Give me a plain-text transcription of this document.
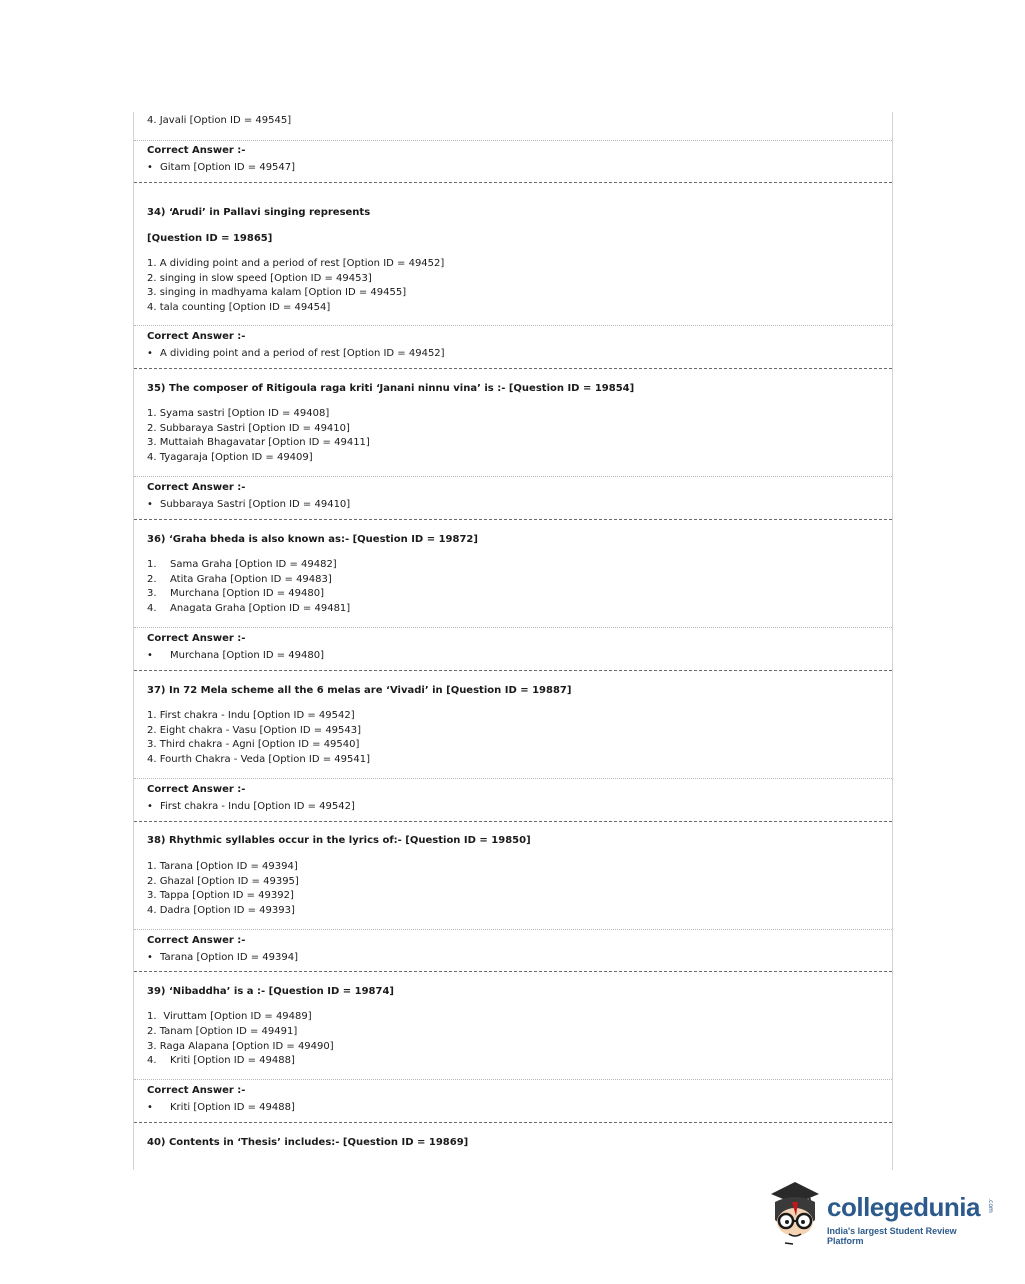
4. Javali [Option ID = 49545]
Correct Answer :-
• Gitam [Option ID = 49547]
34) ‘Arudi’ in Pallavi singing represents
[Question ID = 19865]
1. A dividing point and a period of rest [Option ID = 49452]
2. singing in slow speed [Option ID = 49453]
3. singing in madhyama kalam [Option ID = 49455]
4. tala counting [Option ID = 49454]
Correct Answer :-
• A dividing point and a period of rest [Option ID = 49452]
35) The composer of Ritigoula raga kriti ‘Janani ninnu vina’ is :- [Question ID = 19854]
1. Syama sastri [Option ID = 49408]
2. Subbaraya Sastri [Option ID = 49410]
3. Muttaiah Bhagavatar [Option ID = 49411]
4. Tyagaraja [Option ID = 49409]
Correct Answer :-
• Subbaraya Sastri [Option ID = 49410]
36) ‘Graha bheda is also known as:- [Question ID = 19872]
1. Sama Graha [Option ID = 49482]
2. Atita Graha [Option ID = 49483]
3. Murchana [Option ID = 49480]
4. Anagata Graha [Option ID = 49481]
Correct Answer :-
• Murchana [Option ID = 49480]
37) In 72 Mela scheme all the 6 melas are ‘Vivadi’ in [Question ID = 19887]
1. First chakra - Indu [Option ID = 49542]
2. Eight chakra - Vasu [Option ID = 49543]
3. Third chakra - Agni [Option ID = 49540]
4. Fourth Chakra - Veda [Option ID = 49541]
Correct Answer :-
• First chakra - Indu [Option ID = 49542]
38) Rhythmic syllables occur in the lyrics of:- [Question ID = 19850]
1. Tarana [Option ID = 49394]
2. Ghazal [Option ID = 49395]
3. Tappa [Option ID = 49392]
4. Dadra [Option ID = 49393]
Correct Answer :-
• Tarana [Option ID = 49394]
39) ‘Nibaddha’ is a :- [Question ID = 19874]
1. Viruttam [Option ID = 49489]
2. Tanam [Option ID = 49491]
3. Raga Alapana [Option ID = 49490]
4. Kriti [Option ID = 49488]
Correct Answer :-
• Kriti [Option ID = 49488]
40) Contents in ‘Thesis’ includes:- [Question ID = 19869]
collegedunia .com
India's largest Student Review Platform
